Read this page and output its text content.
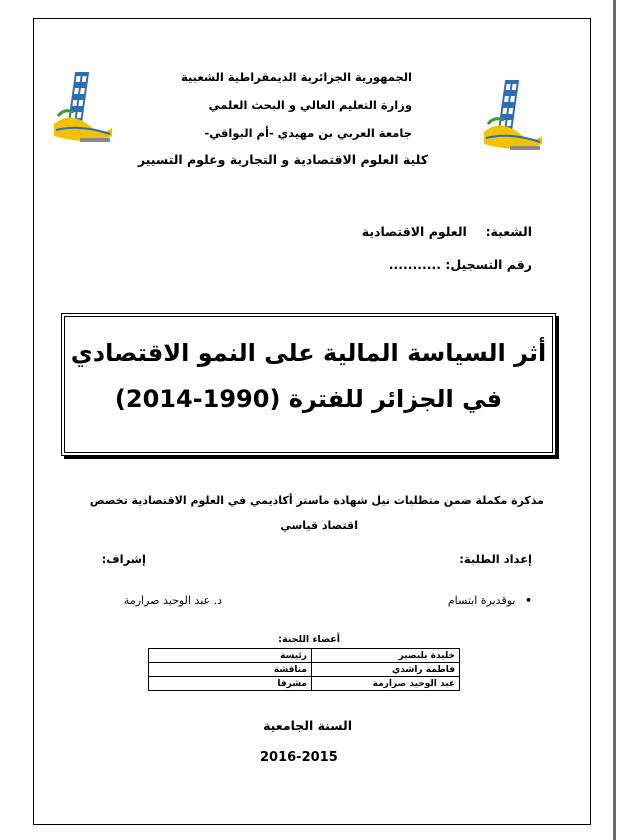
الجمهورية الجزائرية الديمقراطية الشعبية
وزارة التعليم العالي و البحث العلمي
جامعة العربي بن مهيدي -أم البواقي-
كلية العلوم الاقتصادية و التجارية وعلوم التسيير
الشعبة:  العلوم الاقتصادية
رقم التسجيل: ...........
أثر السياسة المالية على النمو الاقتصادي
في الجزائر للفترة (1990-2014)
مذكرة مكملة ضمن متطلبات نيل شهادة ماستر أكاديمي في العلوم الاقتصادية تخصص
اقتصاد قياسي
إعداد الطلبة:
إشراف:
• بوقديرة ابتسام
د. عبد الوحيد صرارمة
أعضاء اللجنة:
خليدة بلبصير	رئيسة
فاطمة راشدي	مناقشة
عبد الوحيد صرارمة	مشرفا
السنة الجامعية
2016-2015
